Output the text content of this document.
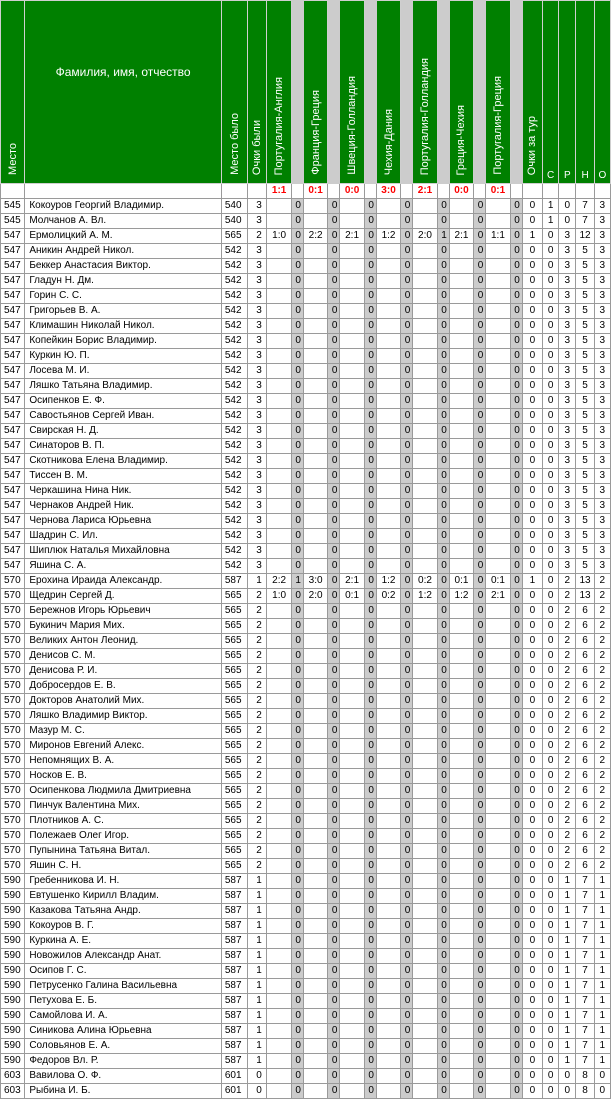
Место	Фамилия, имя, отчество	Место было	Очки были	Португалия-Англия		Франция-Греция		Швеция-Голландия		Чехия-Дания		Португалия-Голландия		Греция-Чехия		Португалия-Греция		Очки за тур	С	Р	Н	О
				1:1		0:1		0:0		3:0		2:1		0:0		0:1						
545	Кокоуров Георгий Владимир.	540	3		0		0		0		0		0		0		0	0	1	0	7	3
545	Молчанов А. Вл.	540	3		0		0		0		0		0		0		0	0	1	0	7	3
547	Ермолицкий А. М.	565	2	1:0	0	2:2	0	2:1	0	1:2	0	2:0	1	2:1	0	1:1	0	1	0	3	12	3
547	Аникин Андрей Никол.	542	3		0		0		0		0		0		0		0	0	0	3	5	3
547	Беккер Анастасия Виктор.	542	3		0		0		0		0		0		0		0	0	0	3	5	3
547	Гладун Н. Дм.	542	3		0		0		0		0		0		0		0	0	0	3	5	3
547	Горин С. С.	542	3		0		0		0		0		0		0		0	0	0	3	5	3
547	Григорьев В. А.	542	3		0		0		0		0		0		0		0	0	0	3	5	3
547	Климашин Николай Никол.	542	3		0		0		0		0		0		0		0	0	0	3	5	3
547	Копейкин Борис Владимир.	542	3		0		0		0		0		0		0		0	0	0	3	5	3
547	Куркин Ю. П.	542	3		0		0		0		0		0		0		0	0	0	3	5	3
547	Лосева М. И.	542	3		0		0		0		0		0		0		0	0	0	3	5	3
547	Ляшко Татьяна Владимир.	542	3		0		0		0		0		0		0		0	0	0	3	5	3
547	Осипенков Е. Ф.	542	3		0		0		0		0		0		0		0	0	0	3	5	3
547	Савостьянов Сергей Иван.	542	3		0		0		0		0		0		0		0	0	0	3	5	3
547	Свирская Н. Д.	542	3		0		0		0		0		0		0		0	0	0	3	5	3
547	Синаторов В. П.	542	3		0		0		0		0		0		0		0	0	0	3	5	3
547	Скотникова Елена Владимир.	542	3		0		0		0		0		0		0		0	0	0	3	5	3
547	Тиссен В. М.	542	3		0		0		0		0		0		0		0	0	0	3	5	3
547	Черкашина Нина Ник.	542	3		0		0		0		0		0		0		0	0	0	3	5	3
547	Чернаков Андрей Ник.	542	3		0		0		0		0		0		0		0	0	0	3	5	3
547	Чернова Лариса Юрьевна	542	3		0		0		0		0		0		0		0	0	0	3	5	3
547	Шадрин С. Ил.	542	3		0		0		0		0		0		0		0	0	0	3	5	3
547	Шиплюк Наталья Михайловна	542	3		0		0		0		0		0		0		0	0	0	3	5	3
547	Яшина С. А.	542	3		0		0		0		0		0		0		0	0	0	3	5	3
570	Ерохина Ираида Александр.	587	1	2:2	1	3:0	0	2:1	0	1:2	0	0:2	0	0:1	0	0:1	0	1	0	2	13	2
570	Щедрин Сергей Д.	565	2	1:0	0	2:0	0	0:1	0	0:2	0	1:2	0	1:2	0	2:1	0	0	0	2	13	2
570	Бережнов Игорь Юрьевич	565	2		0		0		0		0		0		0		0	0	0	2	6	2
570	Букинич Мария Мих.	565	2		0		0		0		0		0		0		0	0	0	2	6	2
570	Великих Антон Леонид.	565	2		0		0		0		0		0		0		0	0	0	2	6	2
570	Денисов С. М.	565	2		0		0		0		0		0		0		0	0	0	2	6	2
570	Денисова Р. И.	565	2		0		0		0		0		0		0		0	0	0	2	6	2
570	Добросердов Е. В.	565	2		0		0		0		0		0		0		0	0	0	2	6	2
570	Докторов Анатолий Мих.	565	2		0		0		0		0		0		0		0	0	0	2	6	2
570	Ляшко Владимир Виктор.	565	2		0		0		0		0		0		0		0	0	0	2	6	2
570	Мазур М. С.	565	2		0		0		0		0		0		0		0	0	0	2	6	2
570	Миронов Евгений Алекс.	565	2		0		0		0		0		0		0		0	0	0	2	6	2
570	Непомнящих В. А.	565	2		0		0		0		0		0		0		0	0	0	2	6	2
570	Носков Е. В.	565	2		0		0		0		0		0		0		0	0	0	2	6	2
570	Осипенкова Людмила Дмитриевна	565	2		0		0		0		0		0		0		0	0	0	2	6	2
570	Пинчук Валентина Мих.	565	2		0		0		0		0		0		0		0	0	0	2	6	2
570	Плотников А. С.	565	2		0		0		0		0		0		0		0	0	0	2	6	2
570	Полежаев Олег Игор.	565	2		0		0		0		0		0		0		0	0	0	2	6	2
570	Пупынина Татьяна Витал.	565	2		0		0		0		0		0		0		0	0	0	2	6	2
570	Яшин С. Н.	565	2		0		0		0		0		0		0		0	0	0	2	6	2
590	Гребенникова И. Н.	587	1		0		0		0		0		0		0		0	0	0	1	7	1
590	Евтушенко Кирилл Владим.	587	1		0		0		0		0		0		0		0	0	0	1	7	1
590	Казакова Татьяна Андр.	587	1		0		0		0		0		0		0		0	0	0	1	7	1
590	Кокоуров В. Г.	587	1		0		0		0		0		0		0		0	0	0	1	7	1
590	Куркина А. Е.	587	1		0		0		0		0		0		0		0	0	0	1	7	1
590	Новожилов Александр Анат.	587	1		0		0		0		0		0		0		0	0	0	1	7	1
590	Осипов Г. С.	587	1		0		0		0		0		0		0		0	0	0	1	7	1
590	Петрусенко Галина Васильевна	587	1		0		0		0		0		0		0		0	0	0	1	7	1
590	Петухова Е. Б.	587	1		0		0		0		0		0		0		0	0	0	1	7	1
590	Самойлова И. А.	587	1		0		0		0		0		0		0		0	0	0	1	7	1
590	Синикова Алина Юрьевна	587	1		0		0		0		0		0		0		0	0	0	1	7	1
590	Соловьянов Е. А.	587	1		0		0		0		0		0		0		0	0	0	1	7	1
590	Федоров Вл. Р.	587	1		0		0		0		0		0		0		0	0	0	1	7	1
603	Вавилова О. Ф.	601	0		0		0		0		0		0		0		0	0	0	0	8	0
603	Рыбина И. Б.	601	0		0		0		0		0		0		0		0	0	0	0	8	0
